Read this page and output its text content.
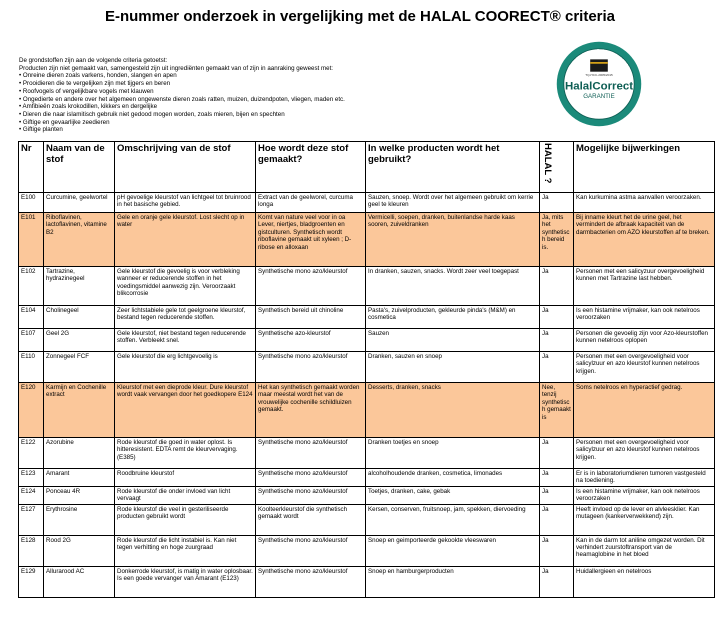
E-nummer onderzoek in vergelijking met de HALAL COORECT® criteria
De grondstoffen zijn aan de volgende criteria getoetst:
Producten zijn niet gemaakt van, samengesteld zijn uit ingrediënten gemaakt van of zijn in aanraking geweest met:
• Onreine dieren zoals varkens, honden, slangen en apen
• Prooidieren die te vergelijken zijn met tijgers en beren
• Roofvogels of vergelijkbare vogels met klauwen
• Ongedierte en andere over het algemeen ongewenste dieren zoals ratten, muizen, duizendpoten, vliegen, maden etc.
• Amfibieën zoals krokodillen, kikkers en dergelijke
• Dieren die naar islamitisch gebruik niet gedood mogen worden, zoals mieren, bijen en spechten
• Giftige en gevaarlijke zeedieren
• Giftige planten
TOTAL QUALITY
CERTIFICATION
HalalCorrect
GARANTIE
TQ-HCC-2005/2015
Nr	Naam van de stof	Omschrijving van de stof	Hoe wordt deze stof gemaakt?	In welke producten wordt het gebruikt?	HALAL ?	Mogelijke bijwerkingen
E100	Curcumine, geelwortel	pH gevoelige kleurstof van lichtgeel tot bruinrood in het basische gebied.	Extract van de geelworel, curcuma longa	Sauzen, snoep. Wordt over het algemeen gebruikt om kerrie geel te kleuren	Ja	Kan kurkumina astma aanvallen veroorzaken.
E101	Riboflavinen, lactoflavinen, vitamine B2	Gele en oranje gele kleurstof. Lost slecht op in water	Komt van nature veel voor in oa Lever, niertjes, bladgroenten en gistculturen. Synthetisch wordt riboflavine gemaakt uit xyleen ; D-ribose en alloxaan	Vermicelli, soepen, dranken, buitenlandse harde kaas sooren, zuiveldranken	Ja, mits het synthetisc h bereid is.	Bij inname kleurt het de urine geel, het vermindert de afbraak kapaciteit van de darmbacterien om AZO kleurstoffen af te breken.
E102	Tartrazine, hydrazinegeel	Gele kleurstof die gevoelig is voor verbleking wanneer er reducerende stoffen in het voedingsmiddel aanwezig zijn. Veroorzaakt blikcorrosie	Synthetische mono azo/kleurstof	In dranken, sauzen, snacks. Wordt zeer veel toegepast	Ja	Personen met een salicyzuur overgevoeligheid kunnen met Tartrazine last hebben.
E104	Cholinegeel	Zeer lichtstabiele gele tot geelgroene kleurstof, bestand tegen reducerende stoffen.	Synthetisch bereid uit chinoline	Pasta's, zuivelproducten, gekleurde pinda's (M&M) en cosmetica	Ja	Is een histamine vrijmaker, kan ook netelroos veroorzaken
E107	Geel 2G	Gele kleurstof, niet bestand tegen reducerende stoffen. Verbleekt snel.	Synthetische azo-kleurstof	Sauzen	Ja	Personen die gevoelig zijn voor Azo-kleurstoffen kunnen netelroos oplopen
E110	Zonnegeel FCF	Gele kleurstof die erg lichtgevoelig is	Synthetische mono azo/kleurstof	Dranken, sauzen en snoep	Ja	Personen met een overgevoeligheid voor salicylzuur en azo kleurstof kunnen netelroos krijgen.
E120	Karmijn en Cochenille extract	Kleurstof met een dieprode kleur. Dure kleurstof wordt vaak vervangen door het goedkopere E124	Het kan synthetisch gemaakt worden maar meestal wordt het van de vrouwelijke cochenille schildluizen gemaakt.	Desserts, dranken, snacks	Nee, tenzij synthetisc h gemaakt is	Soms netelroos en hyperactief gedrag.
E122	Azorubine	Rode kleurstof die goed in water oplost. Is hitteresistent. EDTA remt de kleurvervaging. (E385)	Synthetische mono azo/kleurstof	Dranken toetjes en snoep	Ja	Personen met een overgevoeligheid voor salicylzuur en azo kleurstof kunnen netelroos krijgen.
E123	Amarant	Roodbruine kleurstof	Synthetische mono azo/kleurstof	alcoholhoudende dranken, cosmetica, limonades	Ja	Er is in laboratoriumdieren tumoren vastgesteld na toediening.
E124	Ponceau 4R	Rode kleurstof die onder invloed van licht vervaagt	Synthetische mono azo/kleurstof	Toetjes, dranken, cake, gebak	Ja	Is een histamine vrijmaker, kan ook netelroos veroorzaken
E127	Erythrosine	Rode kleurstof die veel in gesteriliseerde producten gebruikt wordt	Koolteerkleurstof die synthetisch gemaakt wordt	Kersen, conserven, fruitsnoep, jam, spekken, diervoeding	Ja	Heeft invloed op de lever en alvleesklier. Kan mutageen (kankerverwekkend) zijn.
E128	Rood 2G	Rode kleurstof die licht instabiel is. Kan niet tegen verhitting en hoge zuurgraad	Synthetische mono azo/kleurstof	Snoep en geimporteerde gekookte vleeswaren	Ja	Kan in de darm tot aniline omgezet worden. Dit verhindert zuurstoftransport van de heamaglobine in het bloed
E129	Allurarood AC	Donkerrode kleurstof, is matig in water oplosbaar. Is een goede vervanger van Amarant (E123)	Synthetische mono azo/kleurstof	Snoep en hamburgerproducten	Ja	Huidallergieen en netelroos
